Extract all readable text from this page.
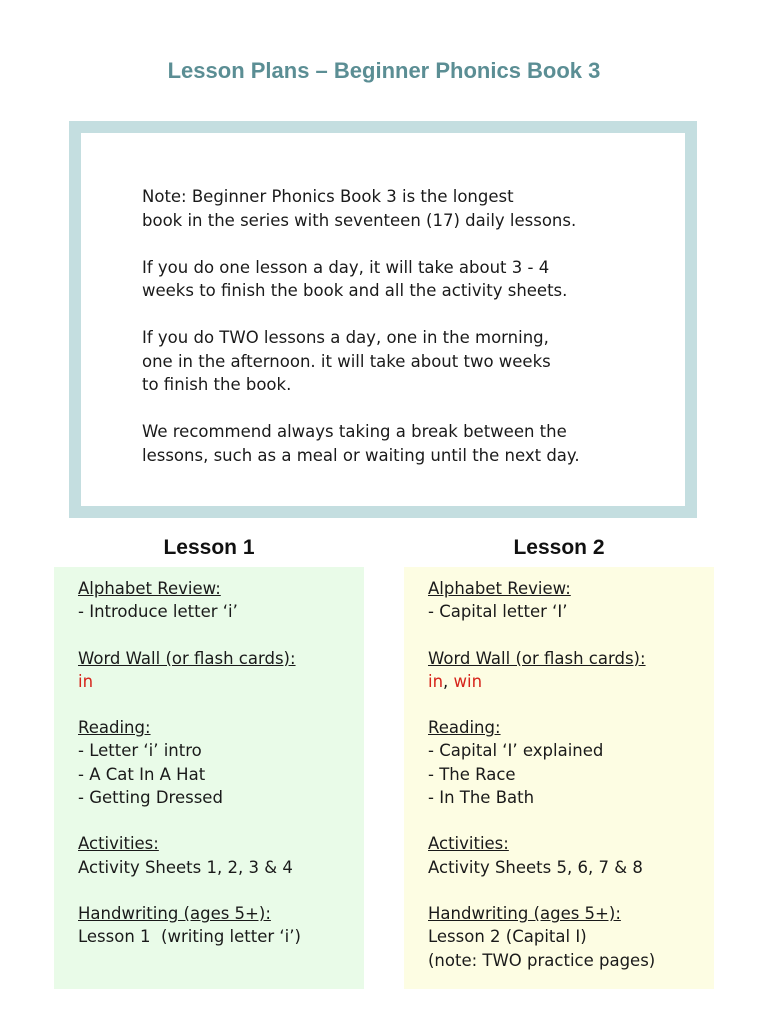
Lesson Plans – Beginner Phonics Book 3

Note: Beginner Phonics Book 3 is the longest
book in the series with seventeen (17) daily lessons.

If you do one lesson a day, it will take about 3 - 4
weeks to finish the book and all the activity sheets.

If you do TWO lessons a day, one in the morning,
one in the afternoon. it will take about two weeks
to finish the book.

We recommend always taking a break between the
lessons, such as a meal or waiting until the next day.

Lesson 1	Lesson 2
Alphabet Review:
- Introduce letter ‘i’
Word Wall (or flash cards):
in
Reading:
- Letter ‘i’ intro
- A Cat In A Hat
- Getting Dressed
Activities:
Activity Sheets 1, 2, 3 & 4
Handwriting (ages 5+):
Lesson 1  (writing letter ‘i’)
Alphabet Review:
- Capital letter ‘I’
Word Wall (or flash cards):
in, win
Reading:
- Capital ‘I’ explained
- The Race
- In The Bath
Activities:
Activity Sheets 5, 6, 7 & 8
Handwriting (ages 5+):
Lesson 2 (Capital I)
(note: TWO practice pages)
